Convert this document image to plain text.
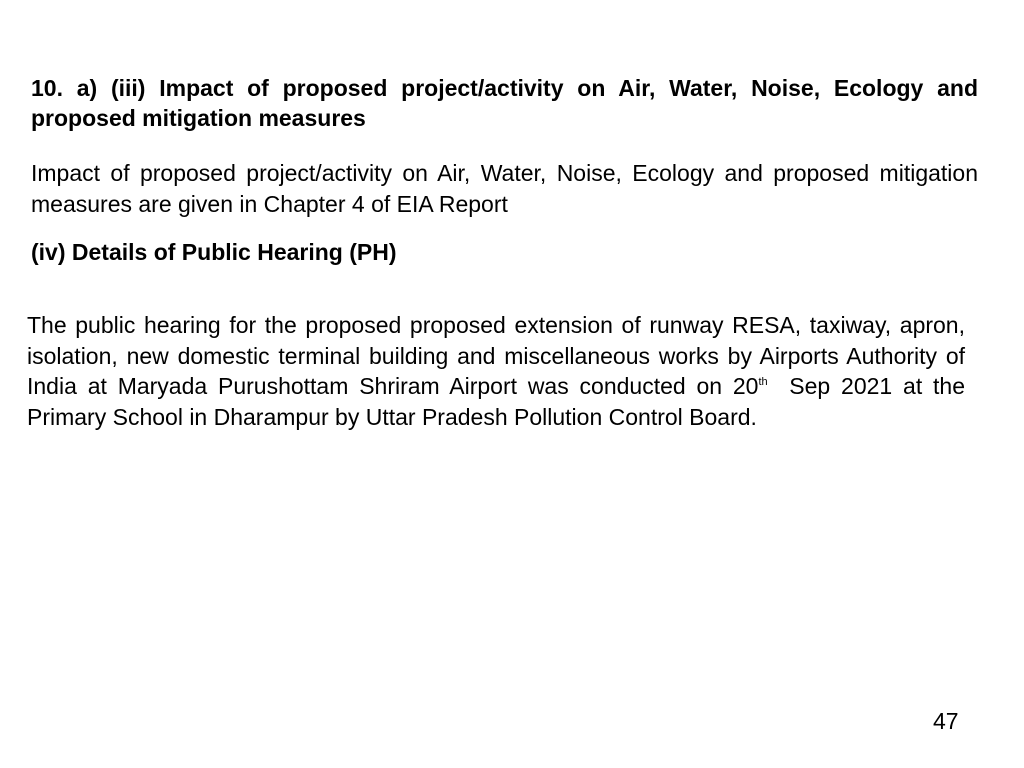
10. a) (iii) Impact of proposed project/activity on Air, Water, Noise, Ecology and proposed mitigation measures
Impact of proposed project/activity on Air, Water, Noise, Ecology and proposed mitigation measures are given in Chapter 4 of EIA Report
(iv) Details of Public Hearing (PH)
The public hearing for the proposed proposed extension of runway RESA, taxiway, apron, isolation, new domestic terminal building and miscellaneous works by Airports Authority of India at Maryada Purushottam Shriram Airport was conducted on 20th  Sep 2021 at the Primary School in Dharampur by Uttar Pradesh Pollution Control Board.
47
